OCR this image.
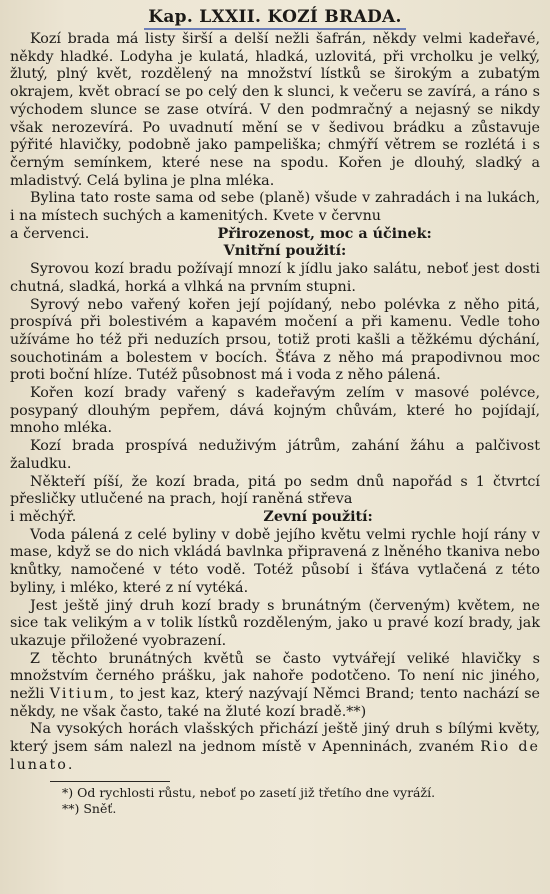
Kap. LXXII. KOZÍ BRADA.

Kozí brada má listy širší a delší nežli šafrán, někdy velmi kadeřavé, někdy hladké. Lodyha je kulatá, hladká, uzlovitá, při vrcholku je velký, žlutý, plný květ, rozdělený na množství lístků se širokým a zubatým okrajem, květ obrací se po celý den k slunci, k večeru se zavírá, a ráno s východem slunce se zase otvírá. V den podmračný a nejasný se nikdy však nerozevírá. Po uvadnutí mění se v šedivou brádku a zůstavuje pýřité hlavičky, podobně jako pampeliška; chmýří větrem se rozlétá i s černým semínkem, které nese na spodu. Kořen je dlouhý, sladký a mladistvý. Celá bylina je plna mléka.

Bylina tato roste sama od sebe (planě) všude v zahradách i na lukách, i na místech suchých a kamenitých. Kvete v červnu

a červenci.	Přirozenost, moc a účinek:

Vnitřní použití:

Syrovou kozí bradu požívají mnozí k jídlu jako salátu, neboť jest dosti chutná, sladká, horká a vlhká na prvním stupni.

Syrový nebo vařený kořen její pojídaný, nebo polévka z něho pitá, prospívá při bolestivém a kapavém močení a při kamenu. Vedle toho užíváme ho též při neduzích prsou, totiž proti kašli a těžkému dýchání, souchotinám a bolestem v bocích. Šťáva z něho má prapodivnou moc proti boční hlíze. Tutéž působnost má i voda z něho pálená.

Kořen kozí brady vařený s kadeřavým zelím v masové polévce, posypaný dlouhým pepřem, dává kojným chůvám, které ho pojídají, mnoho mléka.

Kozí brada prospívá neduživým játrům, zahání žáhu a palčivost žaludku.

Někteří píší, že kozí brada, pitá po sedm dnů napořád s 1 čtvrtcí přesličky utlučené na prach, hojí raněná střeva

i měchýř.	Zevní použití:

Voda pálená z celé byliny v době jejího květu velmi rychle hojí rány v mase, když se do nich vkládá bavlnka připravená z lněného tkaniva nebo knůtky, namočené v této vodě. Totéž působí i šťáva vytlačená z této byliny, i mléko, které z ní vytéká.

Jest ještě jiný druh kozí brady s brunátným (červeným) květem, ne sice tak velikým a v tolik lístků rozděleným, jako u pravé kozí brady, jak ukazuje přiložené vyobrazení.

Z těchto brunátných květů se často vytvářejí veliké hlavičky s množstvím černého prášku, jak nahoře podotčeno. To není nic jiného, nežli Vitium, to jest kaz, který nazývají Němci Brand; tento nachází se někdy, ne však často, také na žluté kozí bradě.**)

Na vysokých horách vlašských přichází ještě jiný druh s bílými květy, který jsem sám nalezl na jednom místě v Apenninách, zvaném Rio de lunato.

*) Od rychlosti růstu, neboť po zasetí již třetího dne vyráží.

**) Sněť.
